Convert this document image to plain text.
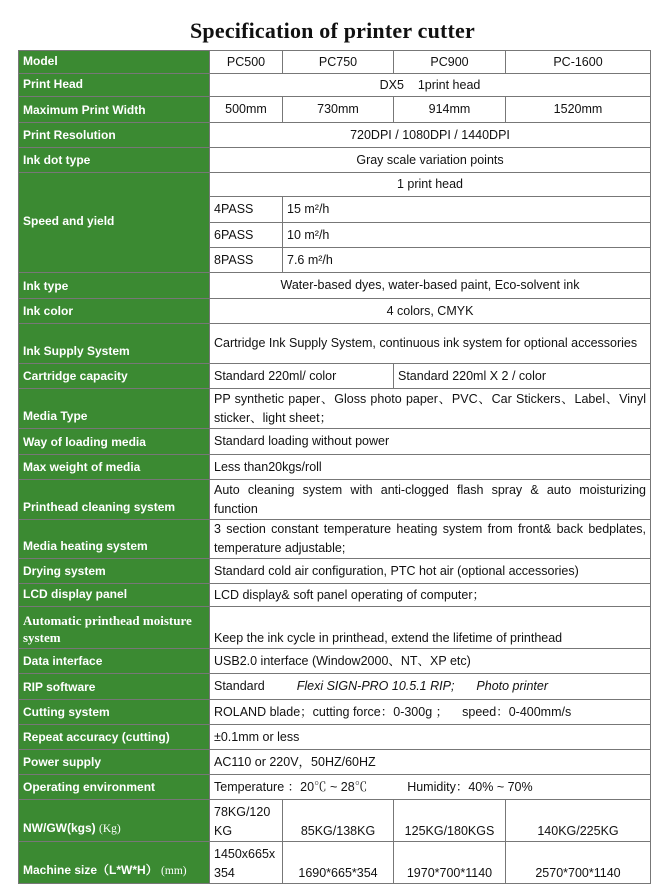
Specification of printer cutter
Model	PC500	PC750	PC900	PC-1600
Print Head	DX5    1print head			
Maximum Print Width	500mm	730mm	914mm	1520mm
Print Resolution	720DPI / 1080DPI / 1440DPI			
Ink dot type	Gray scale variation points			
Speed and yield	1 print head			
	4PASS	15 m²/h		
	6PASS	10 m²/h		
	8PASS	7.6 m²/h		
Ink type	Water-based dyes, water-based paint, Eco-solvent ink			
Ink color	4 colors, CMYK			
Ink Supply System	Cartridge Ink Supply System, continuous ink system for optional accessories			
Cartridge capacity	Standard 220ml/ color		Standard 220ml X 2 / color	
Media Type	PP synthetic paper、Gloss photo paper、PVC、Car Stickers、Label、Vinyl sticker、light sheet；			
Way of loading media	Standard loading without power			
Max weight of media	Less than20kgs/roll			
Printhead cleaning system	Auto cleaning system with anti-clogged flash spray & auto moisturizing function			
Media heating system	3 section constant temperature heating system from front& back bedplates, temperature adjustable;			
Drying system	Standard cold air configuration, PTC hot air (optional accessories)			
LCD display panel	LCD display& soft panel operating of computer；			
Automatic printhead moisture system	Keep the ink cycle in printhead, extend the lifetime of printhead			
Data interface	USB2.0 interface (Window2000、NT、XP etc)			
RIP software	Standard Flexi SIGN-PRO 10.5.1 RIP; Photo printer			
Cutting system	ROLAND blade；cutting force：0-300g ； speed：0-400mm/s			
Repeat accuracy (cutting)	±0.1mm or less			
Power supply	AC110 or 220V，50HZ/60HZ			
Operating environment	Temperature ：20℃ ~ 28℃ Humidity：40% ~ 70%			
NW/GW(kgs) (Kg)	78KG/120KG	85KG/138KG	125KG/180KGS	140KG/225KG
Machine size（L*W*H） (mm)	1450x665x354	1690*665*354	1970*700*1140	2570*700*1140
